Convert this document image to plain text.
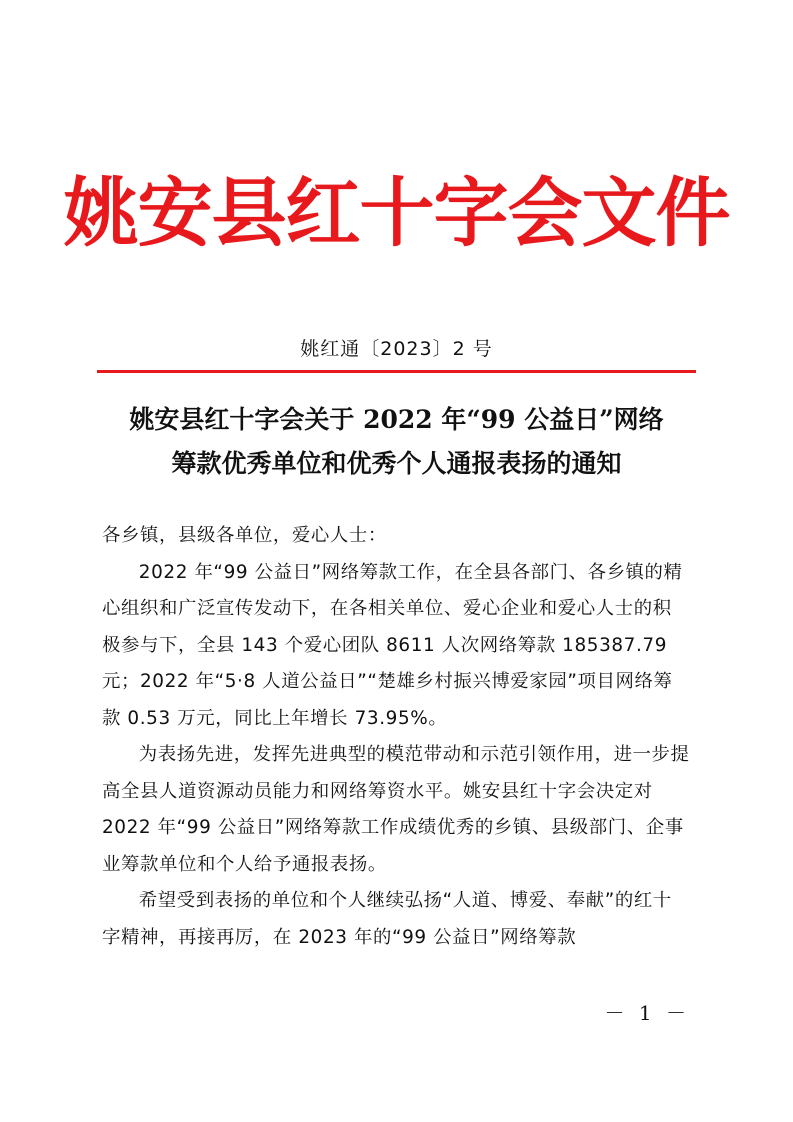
姚安县红十字会文件
姚红通〔2023〕2 号
姚安县红十字会关于 2022 年“99 公益日”网络
筹款优秀单位和优秀个人通报表扬的通知

各乡镇，县级各单位，爱心人士：

2022 年“99 公益日”网络筹款工作，在全县各部门、各乡镇的精心组织和广泛宣传发动下，在各相关单位、爱心企业和爱心人士的积极参与下，全县 143 个爱心团队 8611 人次网络筹款 185387.79 元；2022 年“5·8 人道公益日”“楚雄乡村振兴博爱家园”项目网络筹款 0.53 万元，同比上年增长 73.95%。

为表扬先进，发挥先进典型的模范带动和示范引领作用，进一步提高全县人道资源动员能力和网络筹资水平。姚安县红十字会决定对 2022 年“99 公益日”网络筹款工作成绩优秀的乡镇、县级部门、企事业筹款单位和个人给予通报表扬。

希望受到表扬的单位和个人继续弘扬“人道、博爱、奉献”的红十字精神，再接再厉，在 2023 年的“99 公益日”网络筹款

－ 1 －
